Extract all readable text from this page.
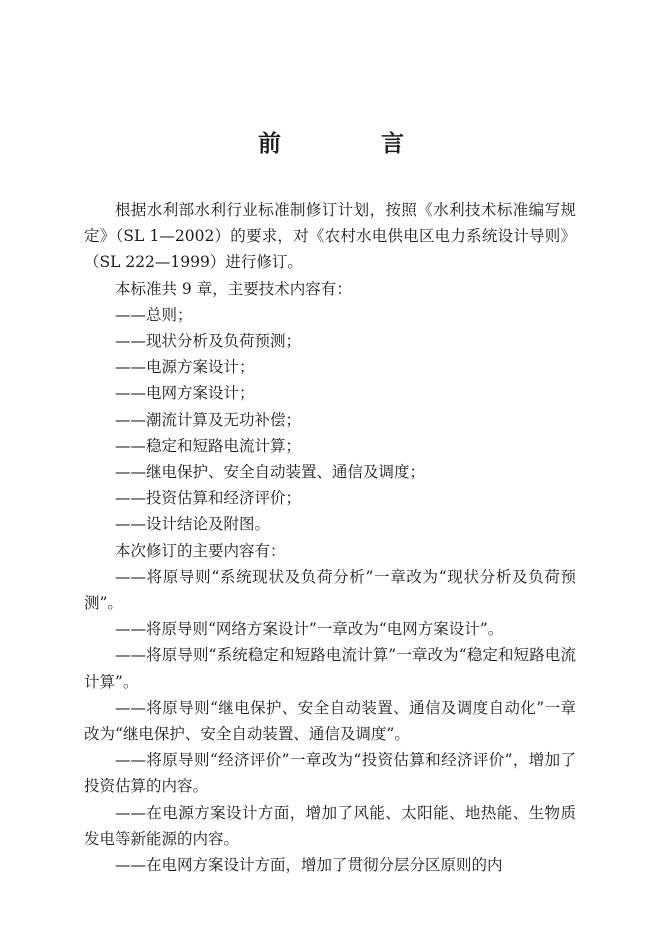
前 言

根据水利部水利行业标准制修订计划，按照《水利技术标准编写规定》（SL 1—2002）的要求，对《农村水电供电区电力系统设计导则》（SL 222—1999）进行修订。

本标准共 9 章，主要技术内容有：

——总则；

——现状分析及负荷预测；

——电源方案设计；

——电网方案设计；

——潮流计算及无功补偿；

——稳定和短路电流计算；

——继电保护、安全自动装置、通信及调度；

——投资估算和经济评价；

——设计结论及附图。

本次修订的主要内容有：

——将原导则“系统现状及负荷分析”一章改为“现状分析及负荷预测”。

——将原导则“网络方案设计”一章改为“电网方案设计”。

——将原导则“系统稳定和短路电流计算”一章改为“稳定和短路电流计算”。

——将原导则“继电保护、安全自动装置、通信及调度自动化”一章改为“继电保护、安全自动装置、通信及调度”。

——将原导则“经济评价”一章改为“投资估算和经济评价”，增加了投资估算的内容。

——在电源方案设计方面，增加了风能、太阳能、地热能、生物质发电等新能源的内容。

——在电网方案设计方面，增加了贯彻分层分区原则的内
